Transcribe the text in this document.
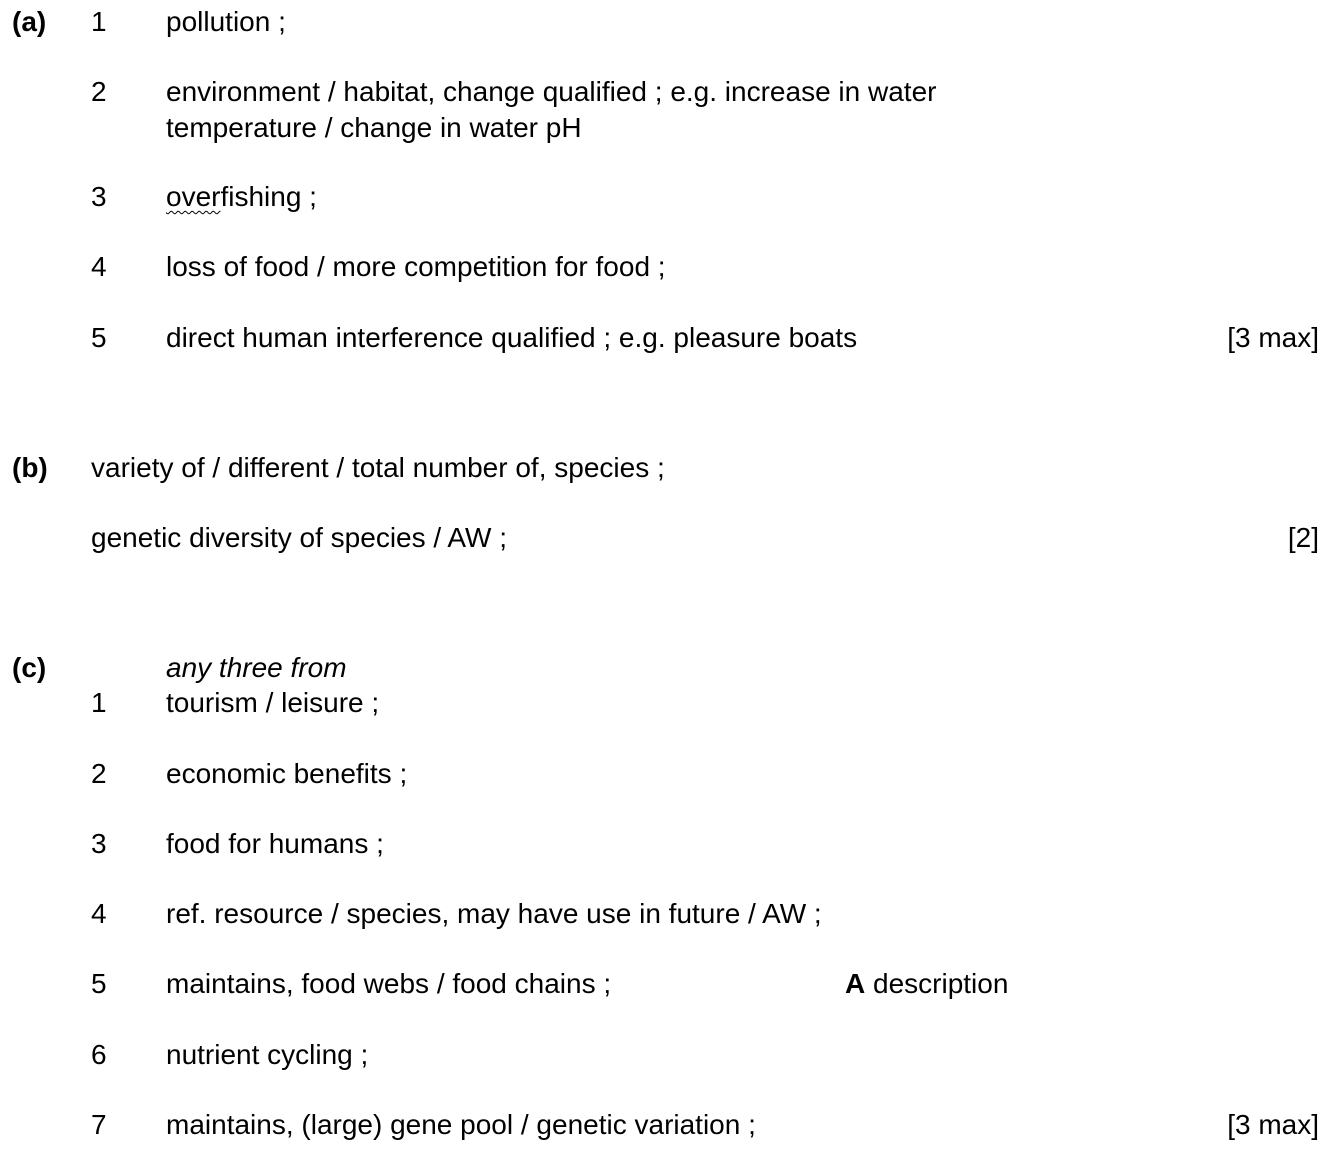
(a) 1 pollution ;
2 environment / habitat, change qualified ; e.g. increase in water
temperature / change in water pH
3 overfishing ;
4 loss of food / more competition for food ;
5 direct human interference qualified ; e.g. pleasure boats	[3 max]
(b) variety of / different / total number of, species ;
genetic diversity of species / AW ;	[2]
(c)	any three from
1 tourism / leisure ;
2 economic benefits ;
3 food for humans ;
4 ref. resource / species, may have use in future / AW ;
5 maintains, food webs / food chains ;	A description
6 nutrient cycling ;
7 maintains, (large) gene pool / genetic variation ;	[3 max]
